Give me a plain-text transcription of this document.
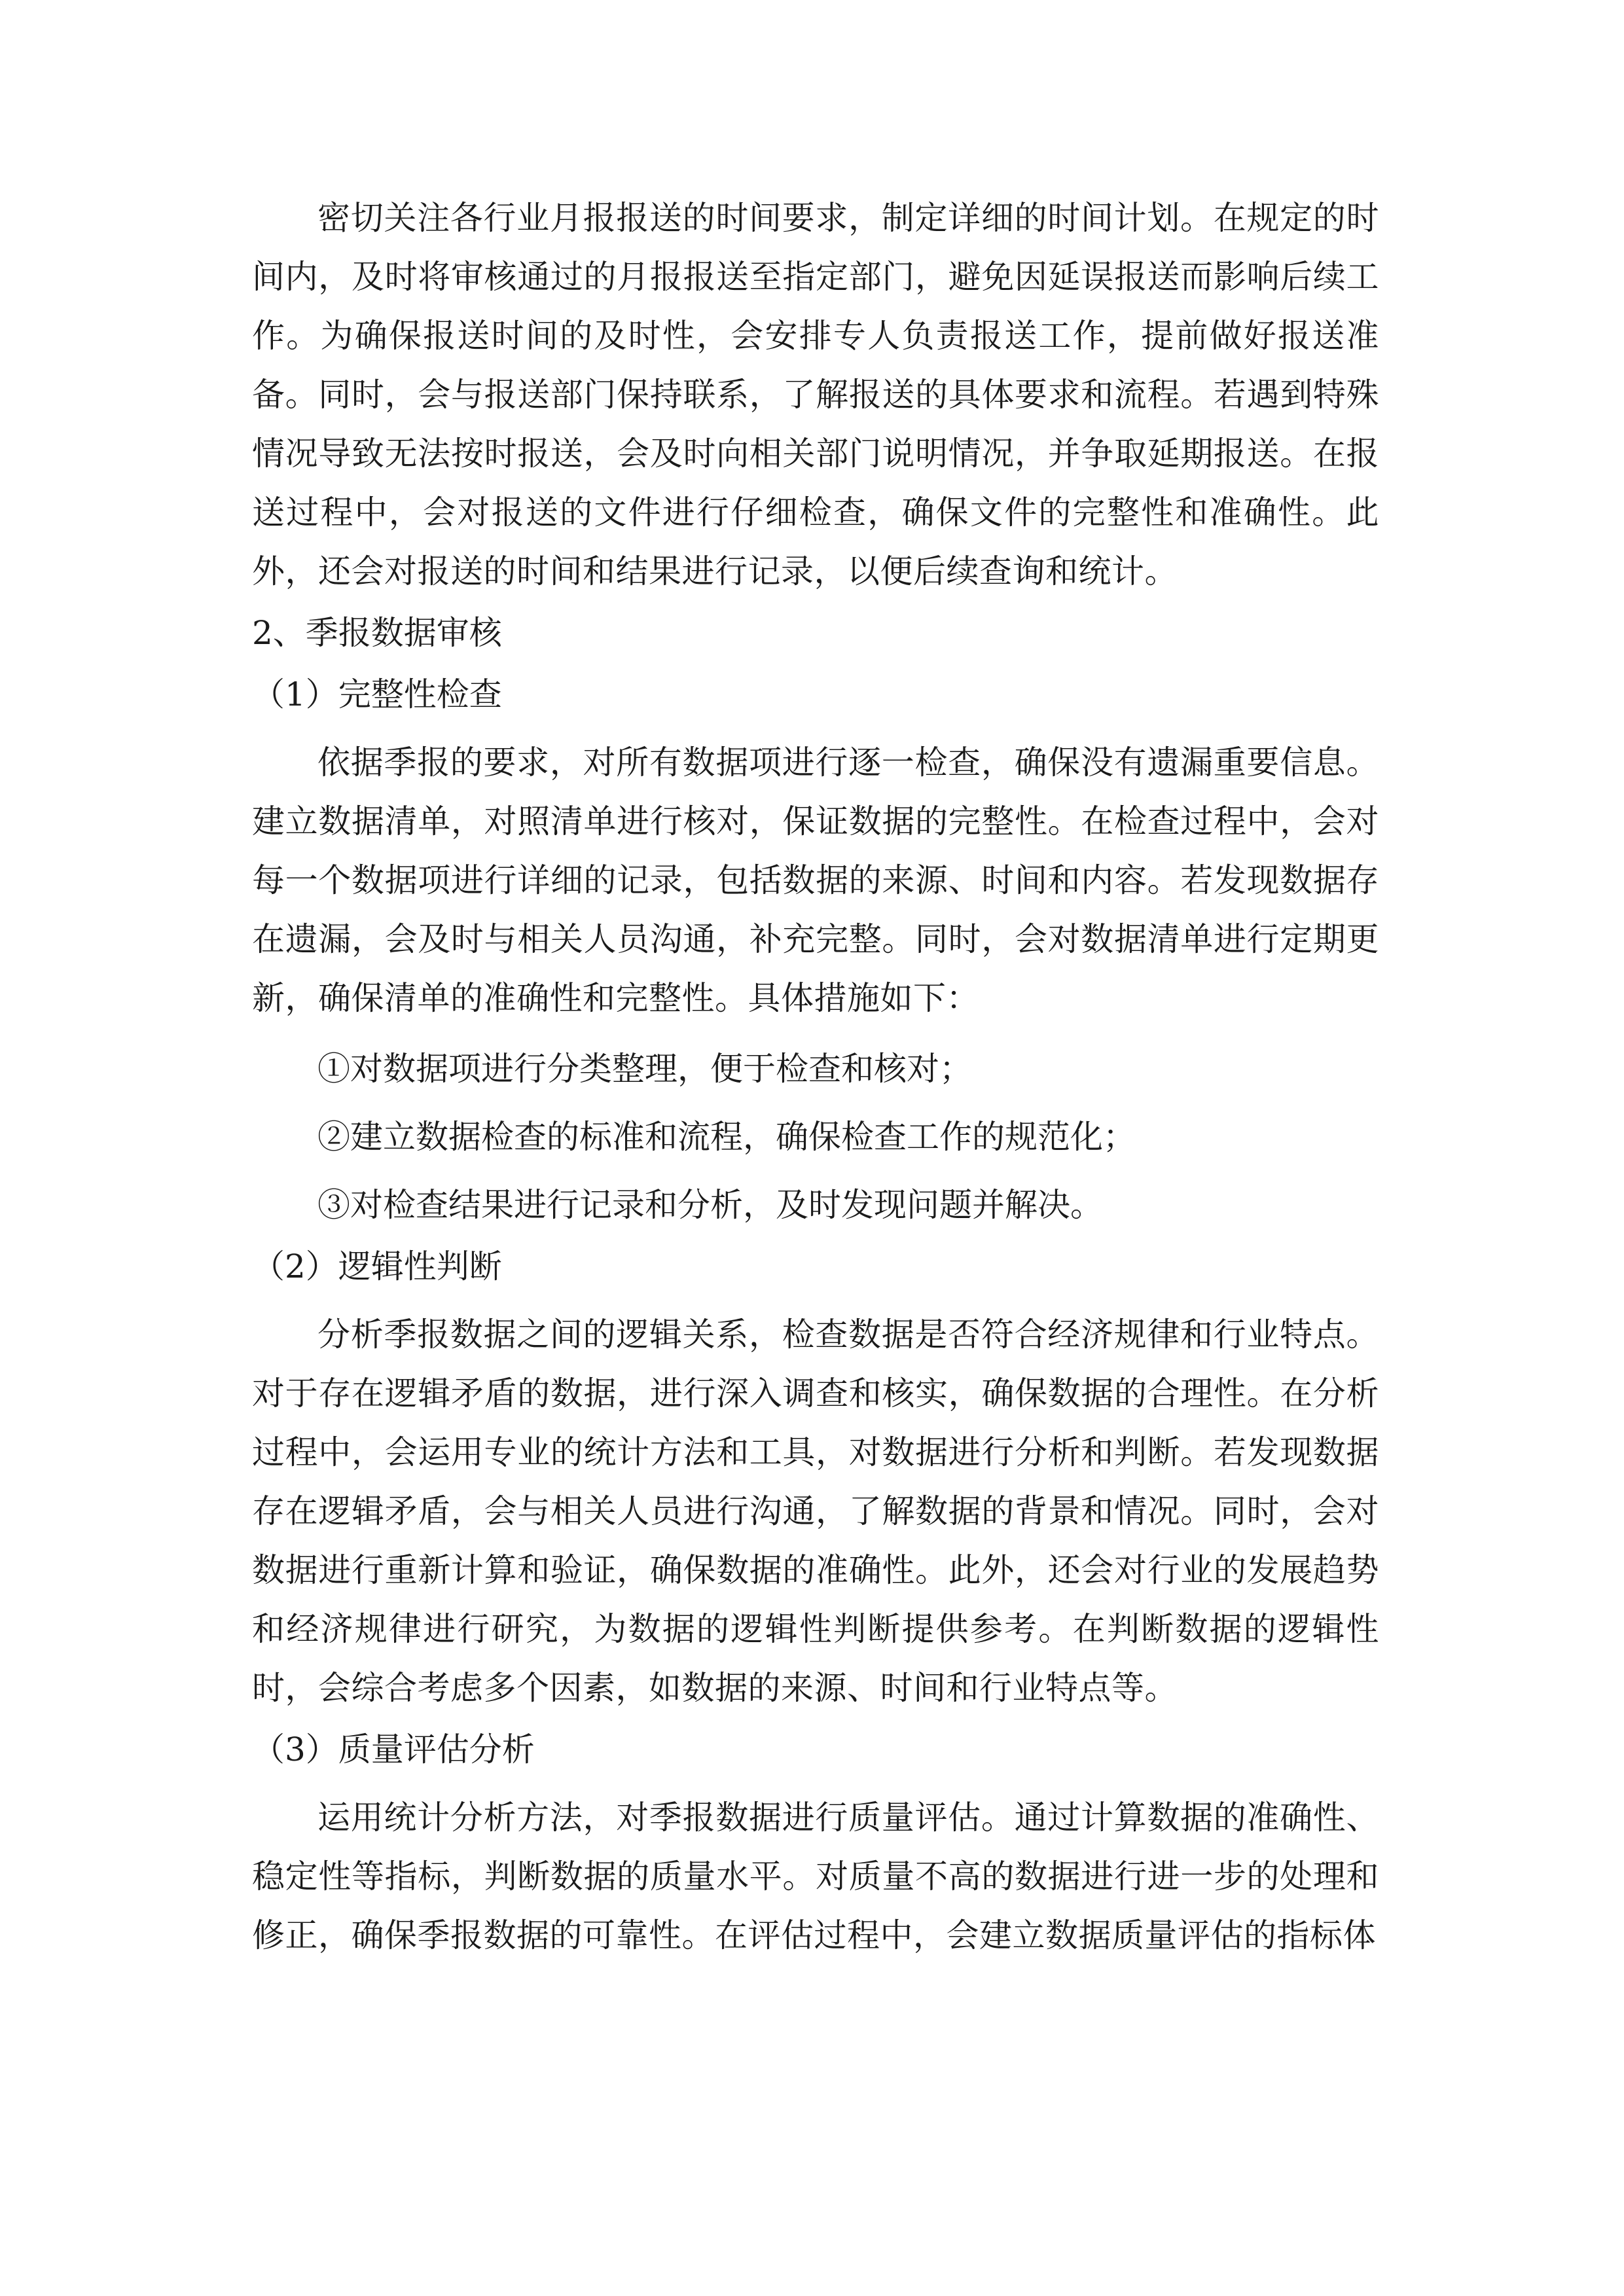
密切关注各行业月报报送的时间要求，制定详细的时间计划。在规定的时间内，及时将审核通过的月报报送至指定部门，避免因延误报送而影响后续工作。为确保报送时间的及时性，会安排专人负责报送工作，提前做好报送准备。同时，会与报送部门保持联系，了解报送的具体要求和流程。若遇到特殊情况导致无法按时报送，会及时向相关部门说明情况，并争取延期报送。在报送过程中，会对报送的文件进行仔细检查，确保文件的完整性和准确性。此外，还会对报送的时间和结果进行记录，以便后续查询和统计。

2、季报数据审核

（1）完整性检查

依据季报的要求，对所有数据项进行逐一检查，确保没有遗漏重要信息。建立数据清单，对照清单进行核对，保证数据的完整性。在检查过程中，会对每一个数据项进行详细的记录，包括数据的来源、时间和内容。若发现数据存在遗漏，会及时与相关人员沟通，补充完整。同时，会对数据清单进行定期更新，确保清单的准确性和完整性。具体措施如下：

①对数据项进行分类整理，便于检查和核对；

②建立数据检查的标准和流程，确保检查工作的规范化；

③对检查结果进行记录和分析，及时发现问题并解决。

（2）逻辑性判断

分析季报数据之间的逻辑关系，检查数据是否符合经济规律和行业特点。对于存在逻辑矛盾的数据，进行深入调查和核实，确保数据的合理性。在分析过程中，会运用专业的统计方法和工具，对数据进行分析和判断。若发现数据存在逻辑矛盾，会与相关人员进行沟通，了解数据的背景和情况。同时，会对数据进行重新计算和验证，确保数据的准确性。此外，还会对行业的发展趋势和经济规律进行研究，为数据的逻辑性判断提供参考。在判断数据的逻辑性时，会综合考虑多个因素，如数据的来源、时间和行业特点等。

（3）质量评估分析

运用统计分析方法，对季报数据进行质量评估。通过计算数据的准确性、稳定性等指标，判断数据的质量水平。对质量不高的数据进行进一步的处理和修正，确保季报数据的可靠性。在评估过程中，会建立数据质量评估的指标体
